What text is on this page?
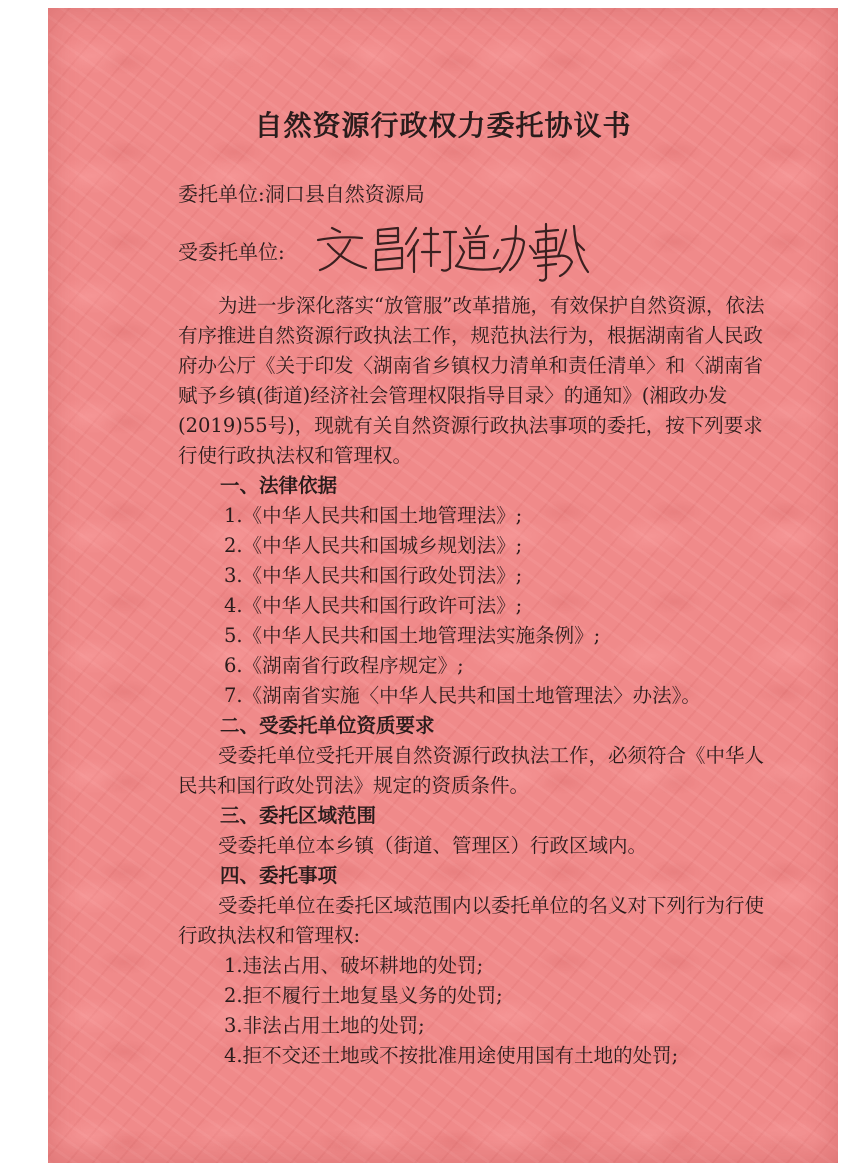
自然资源行政权力委托协议书
委托单位:洞口县自然资源局
受委托单位:

为进一步深化落实“放管服”改革措施，有效保护自然资源，依法有序推进自然资源行政执法工作，规范执法行为，根据湖南省人民政府办公厅《关于印发〈湖南省乡镇权力清单和责任清单〉和〈湖南省赋予乡镇(街道)经济社会管理权限指导目录〉的通知》(湘政办发(2019)55号)，现就有关自然资源行政执法事项的委托，按下列要求行使行政执法权和管理权。

一、法律依据
1.《中华人民共和国土地管理法》;
2.《中华人民共和国城乡规划法》;
3.《中华人民共和国行政处罚法》;
4.《中华人民共和国行政许可法》;
5.《中华人民共和国土地管理法实施条例》;
6.《湖南省行政程序规定》;
7.《湖南省实施〈中华人民共和国土地管理法〉办法》。
二、受委托单位资质要求

受委托单位受托开展自然资源行政执法工作，必须符合《中华人民共和国行政处罚法》规定的资质条件。

三、委托区域范围

受委托单位本乡镇（街道、管理区）行政区域内。

四、委托事项

受委托单位在委托区域范围内以委托单位的名义对下列行为行使行政执法权和管理权:

1.违法占用、破坏耕地的处罚;
2.拒不履行土地复垦义务的处罚;
3.非法占用土地的处罚;
4.拒不交还土地或不按批准用途使用国有土地的处罚;
